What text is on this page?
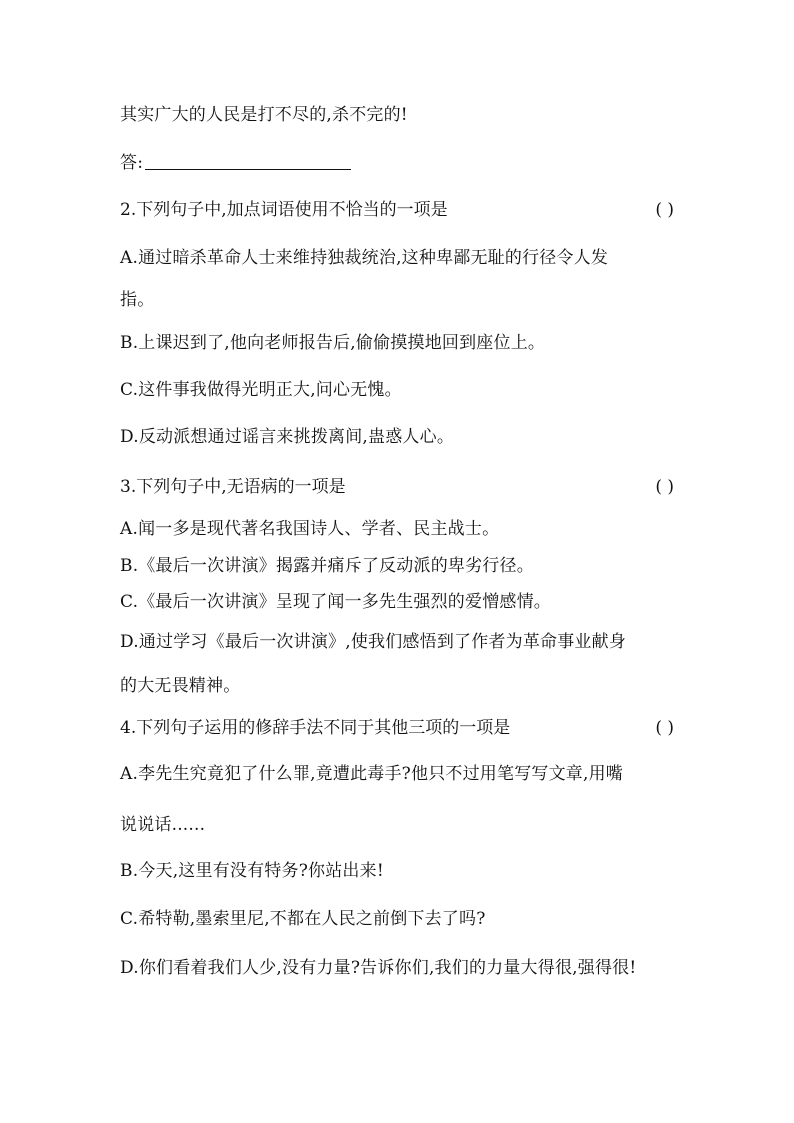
其实广大的人民是打不尽的,杀不完的!
答:
2.下列句子中,加点词语使用不恰当的一项是	( )
A.通过暗杀革命人士来维持独裁统治,这种卑鄙无耻的行径令人发
指。
B.上课迟到了,他向老师报告后,偷偷摸摸地回到座位上。
C.这件事我做得光明正大,问心无愧。
D.反动派想通过谣言来挑拨离间,蛊惑人心。
3.下列句子中,无语病的一项是	( )
A.闻一多是现代著名我国诗人、学者、民主战士。
B.《最后一次讲演》揭露并痛斥了反动派的卑劣行径。
C.《最后一次讲演》呈现了闻一多先生强烈的爱憎感情。
D.通过学习《最后一次讲演》,使我们感悟到了作者为革命事业献身
的大无畏精神。
4.下列句子运用的修辞手法不同于其他三项的一项是	( )
A.李先生究竟犯了什么罪,竟遭此毒手?他只不过用笔写写文章,用嘴
说说话......
B.今天,这里有没有特务?你站出来!
C.希特勒,墨索里尼,不都在人民之前倒下去了吗?
D.你们看着我们人少,没有力量?告诉你们,我们的力量大得很,强得很!
